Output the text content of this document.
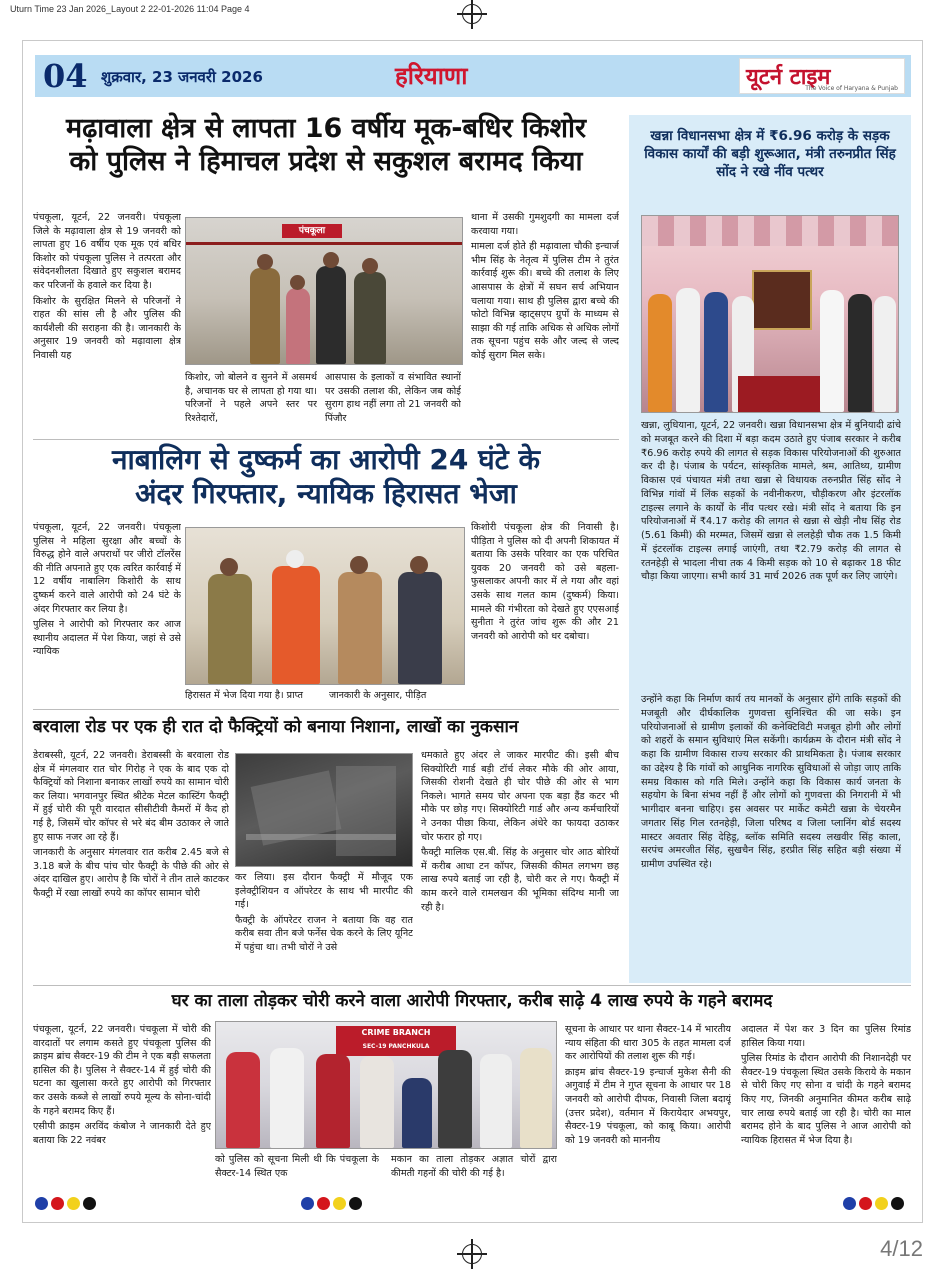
Uturn Time 23 Jan 2026_Layout 2 22-01-2026 11:04 Page 4
04 शुक्रवार, 23 जनवरी 2026	हरियाणा	यूटर्न टाइम
The Voice of Haryana & Punjab
मढ़ावाला क्षेत्र से लापता 16 वर्षीय मूक-बधिर किशोर
को पुलिस ने हिमाचल प्रदेश से सकुशल बरामद किया

पंचकूला, यूटर्न, 22 जनवरी। पंचकूला जिले के मढ़ावाला क्षेत्र से 19 जनवरी को लापता हुए 16 वर्षीय एक मूक एवं बधिर किशोर को पंचकूला पुलिस ने तत्परता और संवेदनशीलता दिखाते हुए सकुशल बरामद कर परिजनों के हवाले कर दिया है।

किशोर के सुरक्षित मिलने से परिजनों ने राहत की सांस ली है और पुलिस की कार्यशैली की सराहना की है। जानकारी के अनुसार 19 जनवरी को मढ़ावाला क्षेत्र निवासी यह

पंचकूला

किशोर, जो बोलने व सुनने में असमर्थ है, अचानक घर से लापता हो गया था। परिजनों ने पहले अपने स्तर पर रिश्तेदारों,

आसपास के इलाकों व संभावित स्थानों पर उसकी तलाश की, लेकिन जब कोई सुराग हाथ नहीं लगा तो 21 जनवरी को पिंजौर

थाना में उसकी गुमशुदगी का मामला दर्ज करवाया गया।

मामला दर्ज होते ही मढ़ावाला चौकी इन्चार्ज भीम सिंह के नेतृत्व में पुलिस टीम ने तुरंत कार्रवाई शुरू की। बच्चे की तलाश के लिए आसपास के क्षेत्रों में सघन सर्च अभियान चलाया गया। साथ ही पुलिस द्वारा बच्चे की फोटो विभिन्न व्हाट्सएप ग्रुपों के माध्यम से साझा की गई ताकि अधिक से अधिक लोगों तक सूचना पहुंच सके और जल्द से जल्द कोई सुराग मिल सके।

नाबालिग से दुष्कर्म का आरोपी 24 घंटे के
अंदर गिरफ्तार, न्यायिक हिरासत भेजा

पंचकूला, यूटर्न, 22 जनवरी। पंचकूला पुलिस ने महिला सुरक्षा और बच्चों के विरुद्ध होने वाले अपराधों पर जीरो टॉलरेंस की नीति अपनाते हुए एक त्वरित कार्रवाई में 12 वर्षीय नाबालिग किशोरी के साथ दुष्कर्म करने वाले आरोपी को 24 घंटे के अंदर गिरफ्तार कर लिया है।

पुलिस ने आरोपी को गिरफ्तार कर आज स्थानीय अदालत में पेश किया, जहां से उसे न्यायिक

हिरासत में भेज दिया गया है। प्राप्त	जानकारी के अनुसार, पीड़ित

किशोरी पंचकूला क्षेत्र की निवासी है। पीड़िता ने पुलिस को दी अपनी शिकायत में बताया कि उसके परिवार का एक परिचित युवक 20 जनवरी को उसे बहला-फुसलाकर अपनी कार में ले गया और वहां उसके साथ गलत काम (दुष्कर्म) किया। मामले की गंभीरता को देखते हुए एएसआई सुनीता ने तुरंत जांच शुरू की और 21 जनवरी को आरोपी को धर दबोचा।

बरवाला रोड पर एक ही रात दो फैक्ट्रियों को बनाया निशाना, लाखों का नुकसान

डेराबस्सी, यूटर्न, 22 जनवरी। डेराबस्सी के बरवाला रोड क्षेत्र में मंगलवार रात चोर गिरोह ने एक के बाद एक दो फैक्ट्रियों को निशाना बनाकर लाखों रुपये का सामान चोरी कर लिया। भगवानपुर स्थित श्रीटेक मेटल कास्टिंग फैक्ट्री में हुई चोरी की पूरी वारदात सीसीटीवी कैमरों में कैद हो गई है, जिसमें चोर कॉपर से भरे बंद बीम उठाकर ले जाते हुए साफ नजर आ रहे हैं।

जानकारी के अनुसार मंगलवार रात करीब 2.45 बजे से 3.18 बजे के बीच पांच चोर फैक्ट्री के पीछे की ओर से अंदर दाखिल हुए। आरोप है कि चोरों ने तीन ताले काटकर फैक्ट्री में रखा लाखों रुपये का कॉपर सामान चोरी

कर लिया। इस दौरान फैक्ट्री में मौजूद एक इलेक्ट्रीशियन व ऑपरेटर के साथ भी मारपीट की गई।

फैक्ट्री के ऑपरेटर राजन ने बताया कि वह रात करीब सवा तीन बजे फर्नेस चेक करने के लिए यूनिट में पहुंचा था। तभी चोरों ने उसे

धमकाते हुए अंदर ले जाकर मारपीट की। इसी बीच सिक्योरिटी गार्ड बड़ी टॉर्च लेकर मौके की ओर आया, जिसकी रोशनी देखते ही चोर पीछे की ओर से भाग निकले। भागते समय चोर अपना एक बड़ा हैंड कटर भी मौके पर छोड़ गए। सिक्योरिटी गार्ड और अन्य कर्मचारियों ने उनका पीछा किया, लेकिन अंधेरे का फायदा उठाकर चोर फरार हो गए।

फैक्ट्री मालिक एस.बी. सिंह के अनुसार चोर आठ बोरियों में करीब आधा टन कॉपर, जिसकी कीमत लगभग छह लाख रुपये बताई जा रही है, चोरी कर ले गए। फैक्ट्री में काम करने वाले रामलखन की भूमिका संदिग्ध मानी जा रही है।

खन्ना विधानसभा क्षेत्र में ₹6.96 करोड़ के सड़क विकास कार्यों की बड़ी शुरूआत, मंत्री तरुनप्रीत सिंह सोंद ने रखे नींव पत्थर

खन्ना, लुधियाना, यूटर्न, 22 जनवरी। खन्ना विधानसभा क्षेत्र में बुनियादी ढांचे को मजबूत करने की दिशा में बड़ा कदम उठाते हुए पंजाब सरकार ने करीब ₹6.96 करोड़ रुपये की लागत से सड़क विकास परियोजनाओं की शुरुआत कर दी है। पंजाब के पर्यटन, सांस्कृतिक मामले, श्रम, आतिथ्य, ग्रामीण विकास एवं पंचायत मंत्री तथा खन्ना से विधायक तरुनप्रीत सिंह सोंद ने विभिन्न गांवों में लिंक सड़कों के नवीनीकरण, चौड़ीकरण और इंटरलॉक टाइल्स लगाने के कार्यों के नींव पत्थर रखे। मंत्री सोंद ने बताया कि इन परियोजनाओं में ₹4.17 करोड़ की लागत से खन्ना से खेड़ी नौध सिंह रोड (5.61 किमी) की मरम्मत, जिसमें खन्ना से ललहेड़ी चौक तक 1.5 किमी में इंटरलॉक टाइल्स लगाई जाएंगी, तथा ₹2.79 करोड़ की लागत से रतनहेड़ी से भादला नीचा तक 4 किमी सड़क को 10 से बढ़ाकर 18 फीट चौड़ा किया जाएगा। सभी कार्य 31 मार्च 2026 तक पूर्ण कर लिए जाएंगे।

उन्होंने कहा कि निर्माण कार्य तय मानकों के अनुसार होंगे ताकि सड़कों की मजबूती और दीर्घकालिक गुणवत्ता सुनिश्चित की जा सके। इन परियोजनाओं से ग्रामीण इलाकों की कनेक्टिविटी मजबूत होगी और लोगों को शहरों के समान सुविधाएं मिल सकेंगी। कार्यक्रम के दौरान मंत्री सोंद ने कहा कि ग्रामीण विकास राज्य सरकार की प्राथमिकता है। पंजाब सरकार का उद्देश्य है कि गांवों को आधुनिक नागरिक सुविधाओं से जोड़ा जाए ताकि समग्र विकास को गति मिले। उन्होंने कहा कि विकास कार्य जनता के सहयोग के बिना संभव नहीं हैं और लोगों को गुणवत्ता की निगरानी में भी भागीदार बनना चाहिए। इस अवसर पर मार्केट कमेटी खन्ना के चेयरमैन जगतार सिंह गिल रतनहेड़ी, जिला परिषद व जिला प्लानिंग बोर्ड सदस्य मास्टर अवतार सिंह देहिडू, ब्लॉक समिति सदस्य लखवीर सिंह काला, सरपंच अमरजीत सिंह, सुखचैन सिंह, हरप्रीत सिंह सहित बड़ी संख्या में ग्रामीण उपस्थित रहे।

घर का ताला तोड़कर चोरी करने वाला आरोपी गिरफ्तार, करीब साढ़े 4 लाख रुपये के गहने बरामद

पंचकूला, यूटर्न, 22 जनवरी। पंचकूला में चोरी की वारदातों पर लगाम कसते हुए पंचकूला पुलिस की क्राइम ब्रांच सैक्टर-19 की टीम ने एक बड़ी सफलता हासिल की है। पुलिस ने सैक्टर-14 में हुई चोरी की घटना का खुलासा करते हुए आरोपी को गिरफ्तार कर उसके कब्जे से लाखों रुपये मूल्य के सोना-चांदी के गहने बरामद किए हैं।

एसीपी क्राइम अरविंद कंबोज ने जानकारी देते हुए बताया कि 22 नवंबर

CRIME BRANCH
SEC-19 PANCHKULA

को पुलिस को सूचना मिली थी कि पंचकूला के सैक्टर-14 स्थित एक

मकान का ताला तोड़कर अज्ञात चोरों द्वारा कीमती गहनों की चोरी की गई है।

सूचना के आधार पर थाना सैक्टर-14 में भारतीय न्याय संहिता की धारा 305 के तहत मामला दर्ज कर आरोपियों की तलाश शुरू की गई।

क्राइम ब्रांच सैक्टर-19 इन्चार्ज मुकेश सैनी की अगुवाई में टीम ने गुप्त सूचना के आधार पर 18 जनवरी को आरोपी दीपक, निवासी जिला बदायूं (उत्तर प्रदेश), वर्तमान में किरायेदार अभयपुर, सैक्टर-19 पंचकूला, को काबू किया। आरोपी को 19 जनवरी को माननीय

अदालत में पेश कर 3 दिन का पुलिस रिमांड हासिल किया गया।

पुलिस रिमांड के दौरान आरोपी की निशानदेही पर सैक्टर-19 पंचकूला स्थित उसके किराये के मकान से चोरी किए गए सोना व चांदी के गहने बरामद किए गए, जिनकी अनुमानित कीमत करीब साढ़े चार लाख रुपये बताई जा रही है। चोरी का माल बरामद होने के बाद पुलिस ने आज आरोपी को न्यायिक हिरासत में भेज दिया है।

4/12
